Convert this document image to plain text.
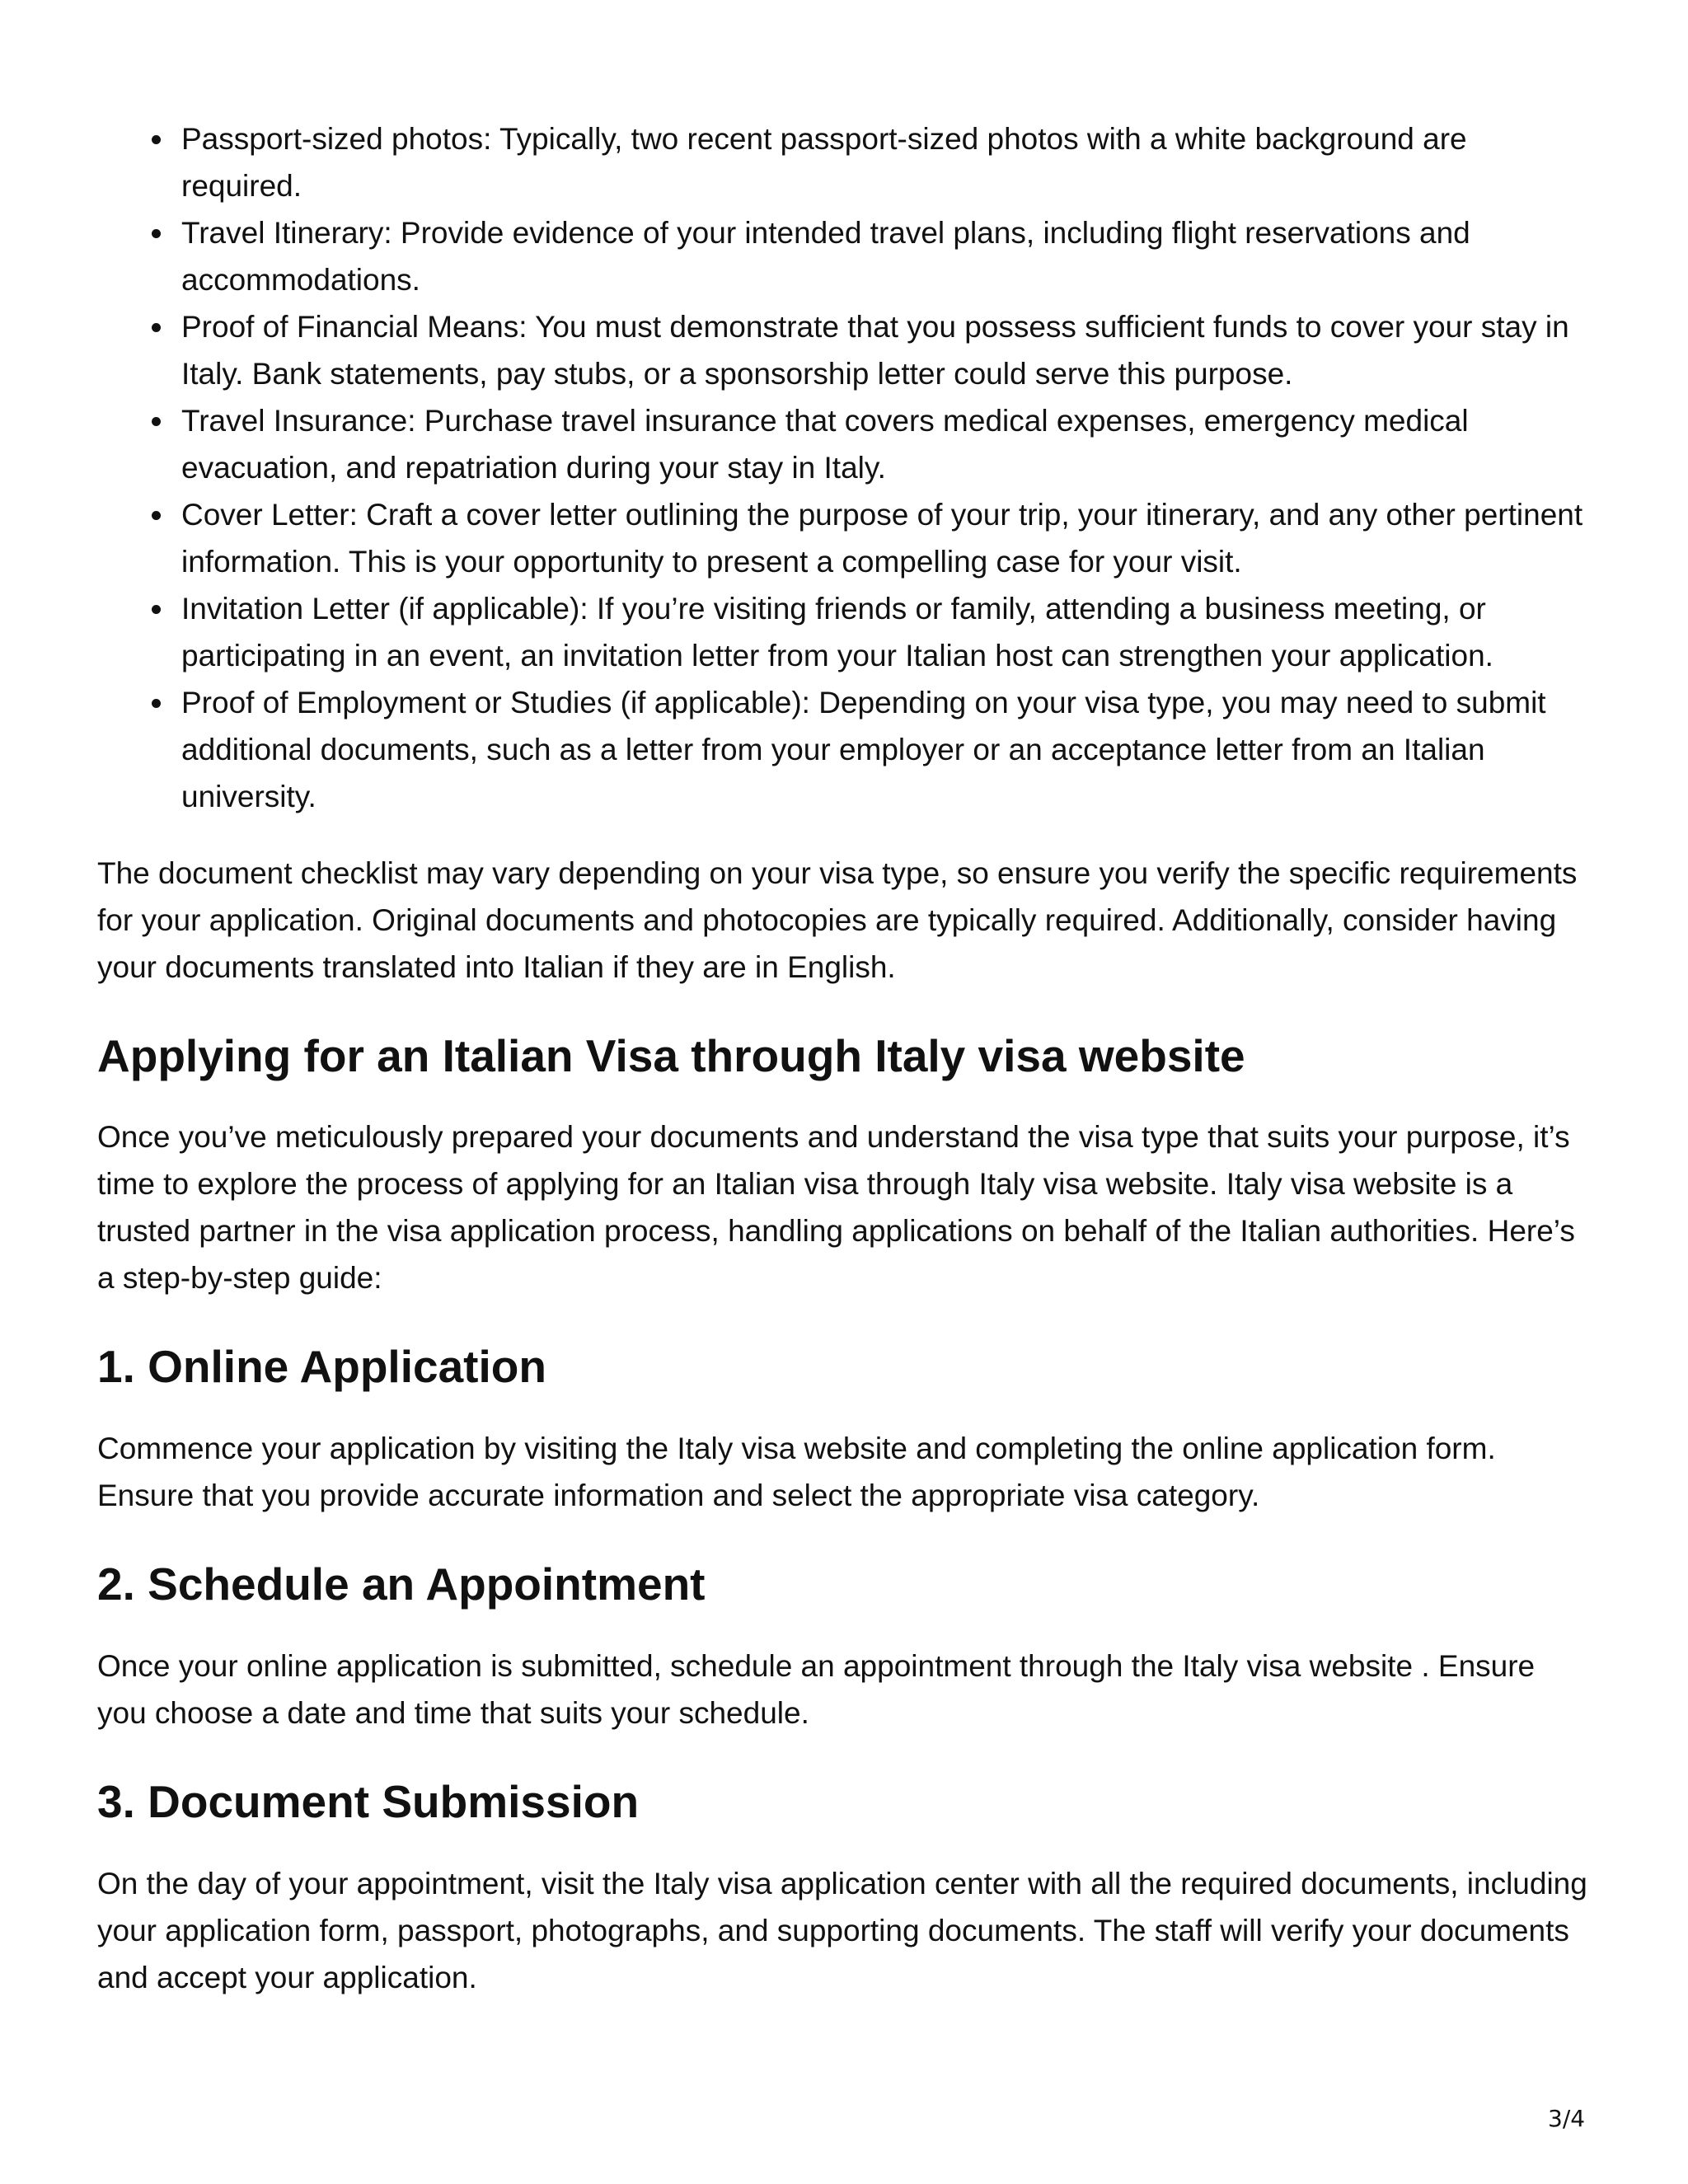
Passport-sized photos: Typically, two recent passport-sized photos with a white background are required.
Travel Itinerary: Provide evidence of your intended travel plans, including flight reservations and accommodations.
Proof of Financial Means: You must demonstrate that you possess sufficient funds to cover your stay in Italy. Bank statements, pay stubs, or a sponsorship letter could serve this purpose.
Travel Insurance: Purchase travel insurance that covers medical expenses, emergency medical evacuation, and repatriation during your stay in Italy.
Cover Letter: Craft a cover letter outlining the purpose of your trip, your itinerary, and any other pertinent information. This is your opportunity to present a compelling case for your visit.
Invitation Letter (if applicable): If you’re visiting friends or family, attending a business meeting, or participating in an event, an invitation letter from your Italian host can strengthen your application.
Proof of Employment or Studies (if applicable): Depending on your visa type, you may need to submit additional documents, such as a letter from your employer or an acceptance letter from an Italian university.

The document checklist may vary depending on your visa type, so ensure you verify the specific requirements for your application. Original documents and photocopies are typically required. Additionally, consider having your documents translated into Italian if they are in English.

Applying for an Italian Visa through Italy visa website

Once you’ve meticulously prepared your documents and understand the visa type that suits your purpose, it’s time to explore the process of applying for an Italian visa through Italy visa website. Italy visa website is a trusted partner in the visa application process, handling applications on behalf of the Italian authorities. Here’s a step-by-step guide:

1. Online Application

Commence your application by visiting the Italy visa website and completing the online application form. Ensure that you provide accurate information and select the appropriate visa category.

2. Schedule an Appointment

Once your online application is submitted, schedule an appointment through the Italy visa website . Ensure you choose a date and time that suits your schedule.

3. Document Submission

On the day of your appointment, visit the Italy visa application center with all the required documents, including your application form, passport, photographs, and supporting documents. The staff will verify your documents and accept your application.

3/4
